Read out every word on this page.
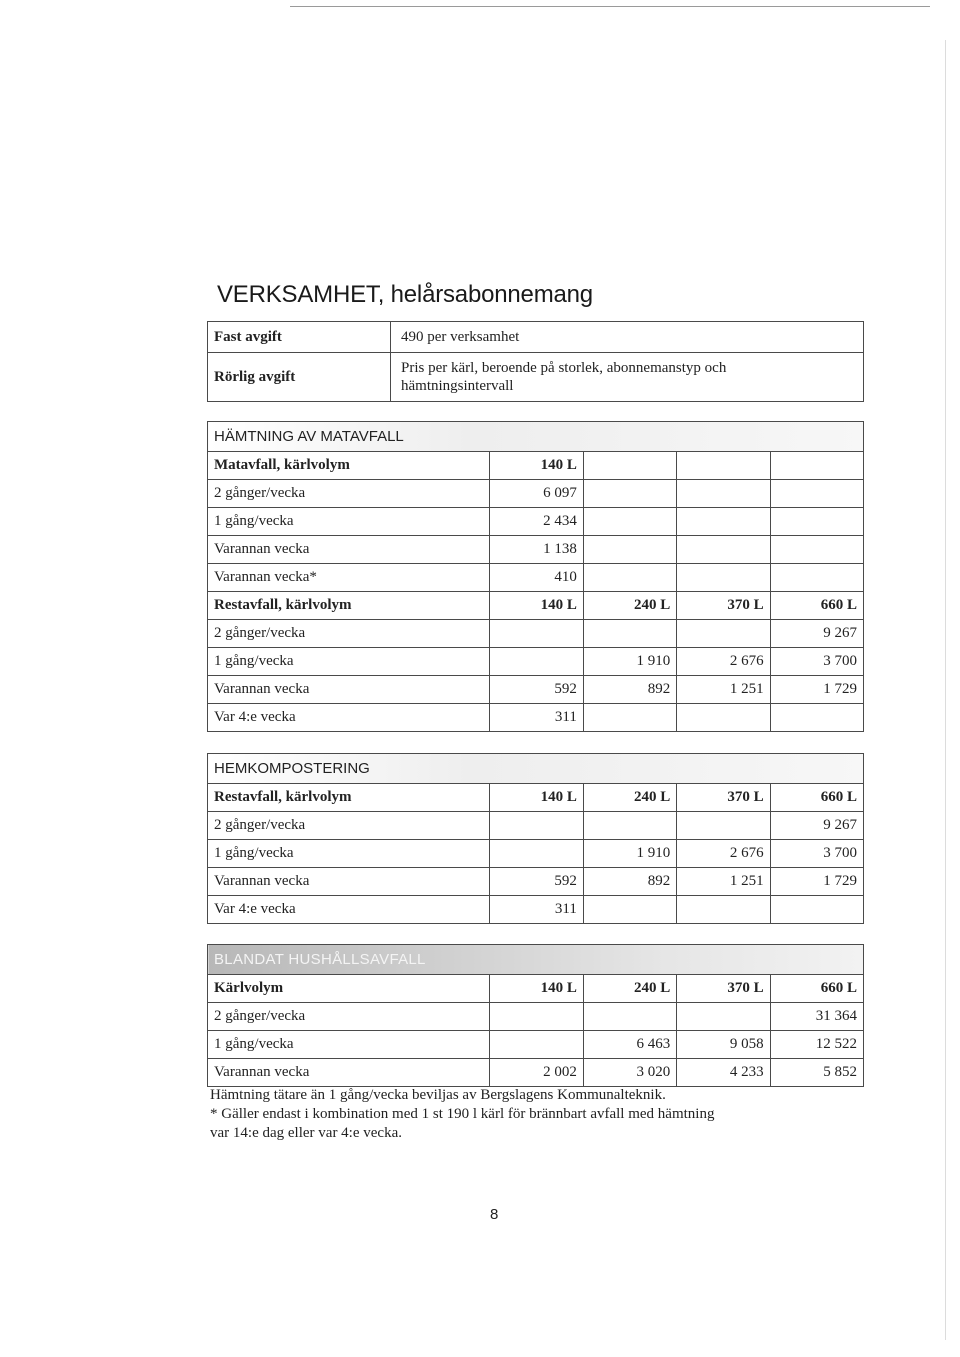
VERKSAMHET, helårsabonnemang
Fast avgift	490 per verksamhet
Rörlig avgift	Pris per kärl, beroende på storlek, abonnemanstyp och
hämtningsintervall
HÄMTNING AV MATAVFALL				
Matavfall, kärlvolym	140 L			
2 gånger/vecka	6 097			
1 gång/vecka	2 434			
Varannan vecka	1 138			
Varannan vecka*	410			
Restavfall, kärlvolym	140 L	240 L	370 L	660 L
2 gånger/vecka				9 267
1 gång/vecka		1 910	2 676	3 700
Varannan vecka	592	892	1 251	1 729
Var 4:e vecka	311			
HEMKOMPOSTERING				
Restavfall, kärlvolym	140 L	240 L	370 L	660 L
2 gånger/vecka				9 267
1 gång/vecka		1 910	2 676	3 700
Varannan vecka	592	892	1 251	1 729
Var 4:e vecka	311			
BLANDAT HUSHÅLLSAVFALL				
Kärlvolym	140 L	240 L	370 L	660 L
2 gånger/vecka				31 364
1 gång/vecka		6 463	9 058	12 522
Varannan vecka	2 002	3 020	4 233	5 852

Hämtning tätare än 1 gång/vecka beviljas av Bergslagens Kommunalteknik.

* Gäller endast i kombination med 1 st 190 l kärl för brännbart avfall med hämtning

var 14:e dag eller var 4:e vecka.

8
